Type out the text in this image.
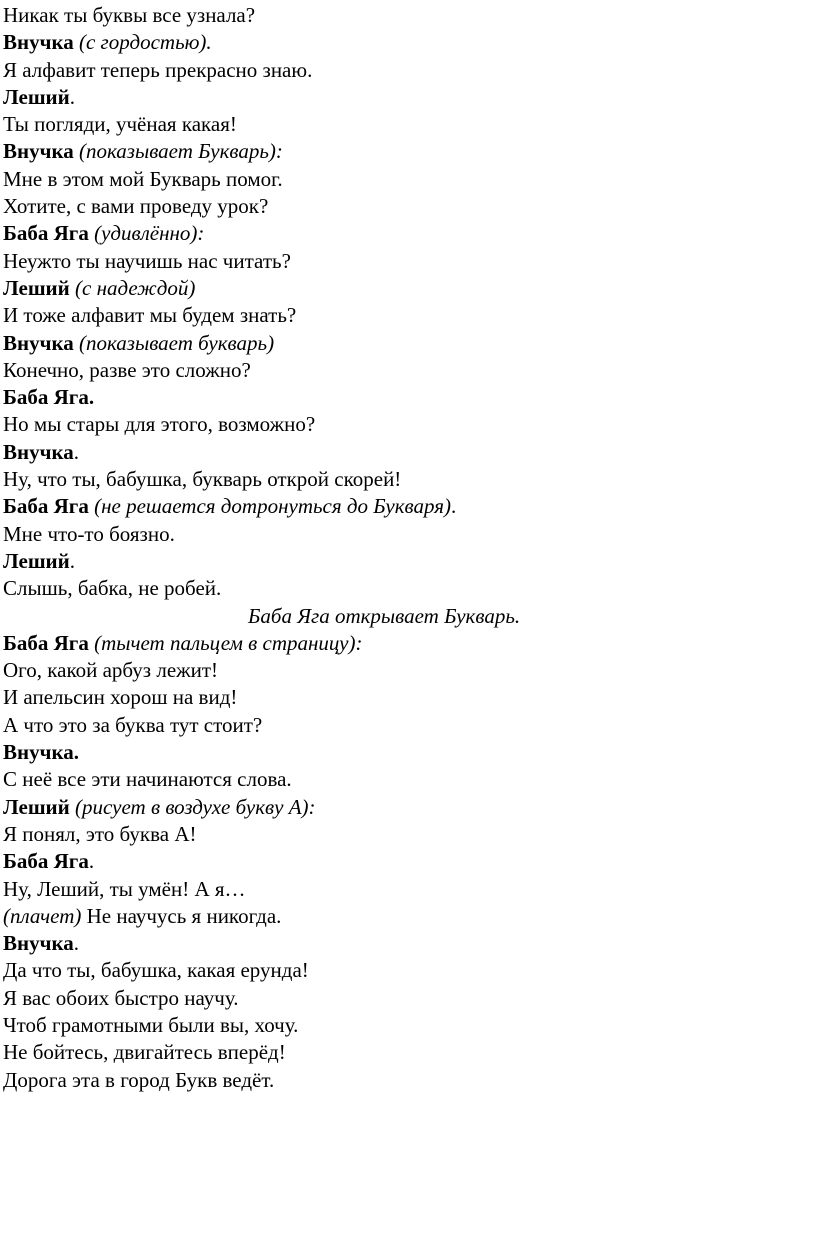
Никак ты буквы все узнала?
Внучка (с гордостью).
Я алфавит теперь прекрасно знаю.
Леший.
Ты погляди, учёная какая!
Внучка (показывает Букварь):
Мне в этом мой Букварь помог.
Хотите, с вами проведу урок?
Баба Яга (удивлённо):
Неужто ты научишь нас читать?
Леший (с надеждой)
И тоже алфавит мы будем знать?
Внучка (показывает букварь)
Конечно, разве это сложно?
Баба Яга.
Но мы стары для этого, возможно?
Внучка.
Ну, что ты, бабушка, букварь открой скорей!
Баба Яга (не решается дотронуться до Букваря).
Мне что-то боязно.
Леший.
Слышь, бабка, не робей.
Баба Яга открывает Букварь.
Баба Яга (тычет пальцем в страницу):
Ого, какой арбуз лежит!
И апельсин хорош на вид!
А что это за буква тут стоит?
Внучка.
С неё все эти начинаются слова.
Леший (рисует в воздухе букву А):
Я понял, это буква А!
Баба Яга.
Ну, Леший, ты умён! А я…
(плачет) Не научусь я никогда.
Внучка.
Да что ты, бабушка, какая ерунда!
Я вас обоих быстро научу.
Чтоб грамотными были вы, хочу.
Не бойтесь, двигайтесь вперёд!
Дорога эта в город Букв ведёт.
